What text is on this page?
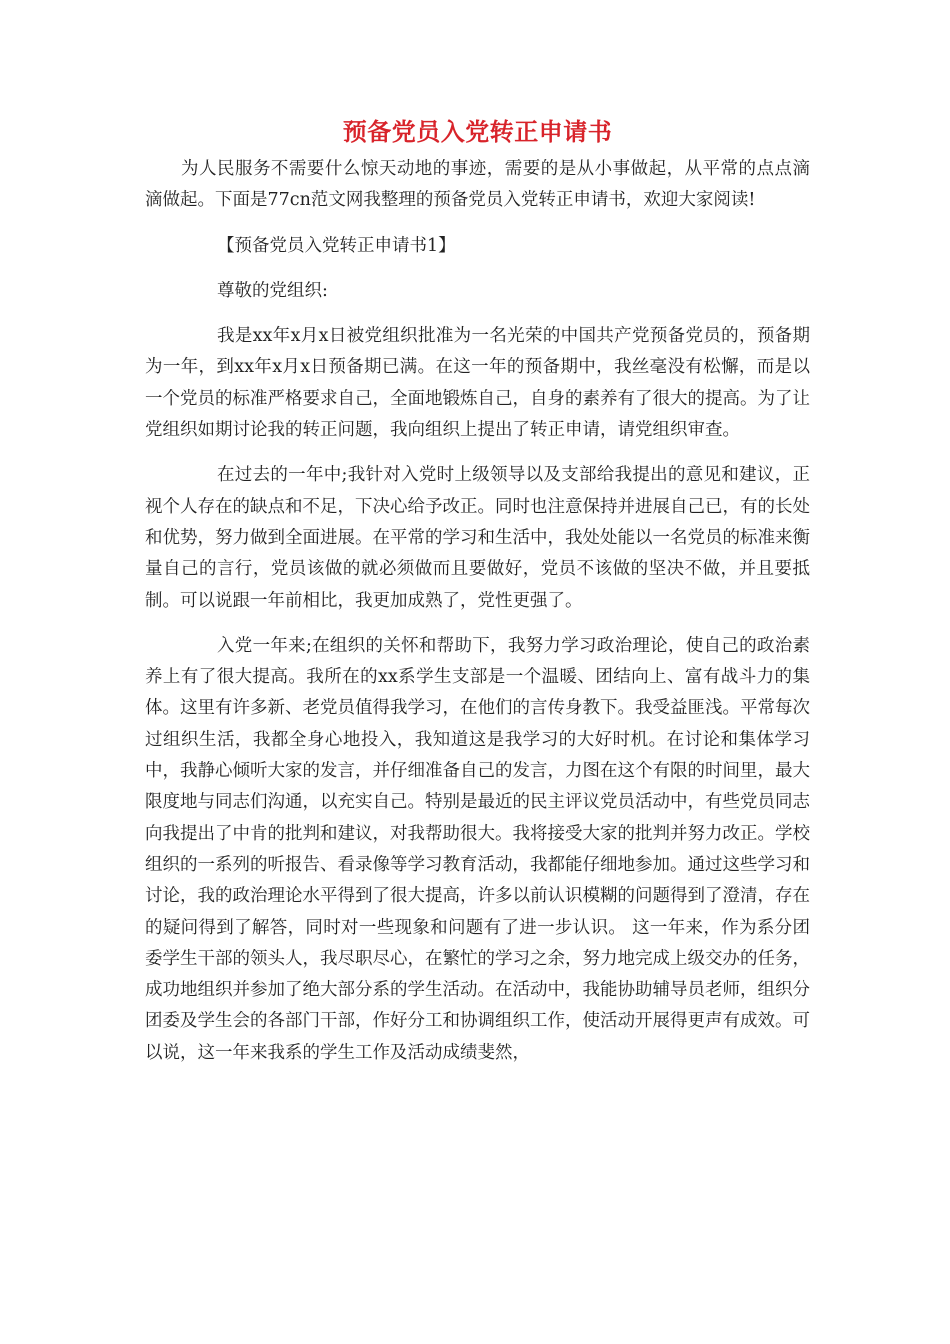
预备党员入党转正申请书

为人民服务不需要什么惊天动地的事迹，需要的是从小事做起，从平常的点点滴滴做起。下面是77cn范文网我整理的预备党员入党转正申请书，欢迎大家阅读!

【预备党员入党转正申请书1】

尊敬的党组织:

我是xx年x月x日被党组织批准为一名光荣的中国共产党预备党员的，预备期为一年，到xx年x月x日预备期已满。在这一年的预备期中，我丝毫没有松懈，而是以一个党员的标准严格要求自己，全面地锻炼自己，自身的素养有了很大的提高。为了让党组织如期讨论我的转正问题，我向组织上提出了转正申请，请党组织审查。

在过去的一年中;我针对入党时上级领导以及支部给我提出的意见和建议，正视个人存在的缺点和不足，下决心给予改正。同时也注意保持并进展自己已，有的长处和优势，努力做到全面进展。在平常的学习和生活中，我处处能以一名党员的标准来衡量自己的言行，党员该做的就必须做而且要做好，党员不该做的坚决不做，并且要抵制。可以说跟一年前相比，我更加成熟了，党性更强了。

入党一年来;在组织的关怀和帮助下，我努力学习政治理论，使自己的政治素养上有了很大提高。我所在的xx系学生支部是一个温暖、团结向上、富有战斗力的集体。这里有许多新、老党员值得我学习，在他们的言传身教下。我受益匪浅。平常每次过组织生活，我都全身心地投入，我知道这是我学习的大好时机。在讨论和集体学习中，我静心倾听大家的发言，并仔细准备自己的发言，力图在这个有限的时间里，最大限度地与同志们沟通，以充实自己。特别是最近的民主评议党员活动中，有些党员同志向我提出了中肯的批判和建议，对我帮助很大。我将接受大家的批判并努力改正。学校组织的一系列的听报告、看录像等学习教育活动，我都能仔细地参加。通过这些学习和讨论，我的政治理论水平得到了很大提高，许多以前认识模糊的问题得到了澄清，存在的疑问得到了解答，同时对一些现象和问题有了进一步认识。 这一年来，作为系分团委学生干部的领头人，我尽职尽心，在繁忙的学习之余，努力地完成上级交办的任务，成功地组织并参加了绝大部分系的学生活动。在活动中，我能协助辅导员老师，组织分团委及学生会的各部门干部，作好分工和协调组织工作，使活动开展得更声有成效。可以说，这一年来我系的学生工作及活动成绩斐然，
